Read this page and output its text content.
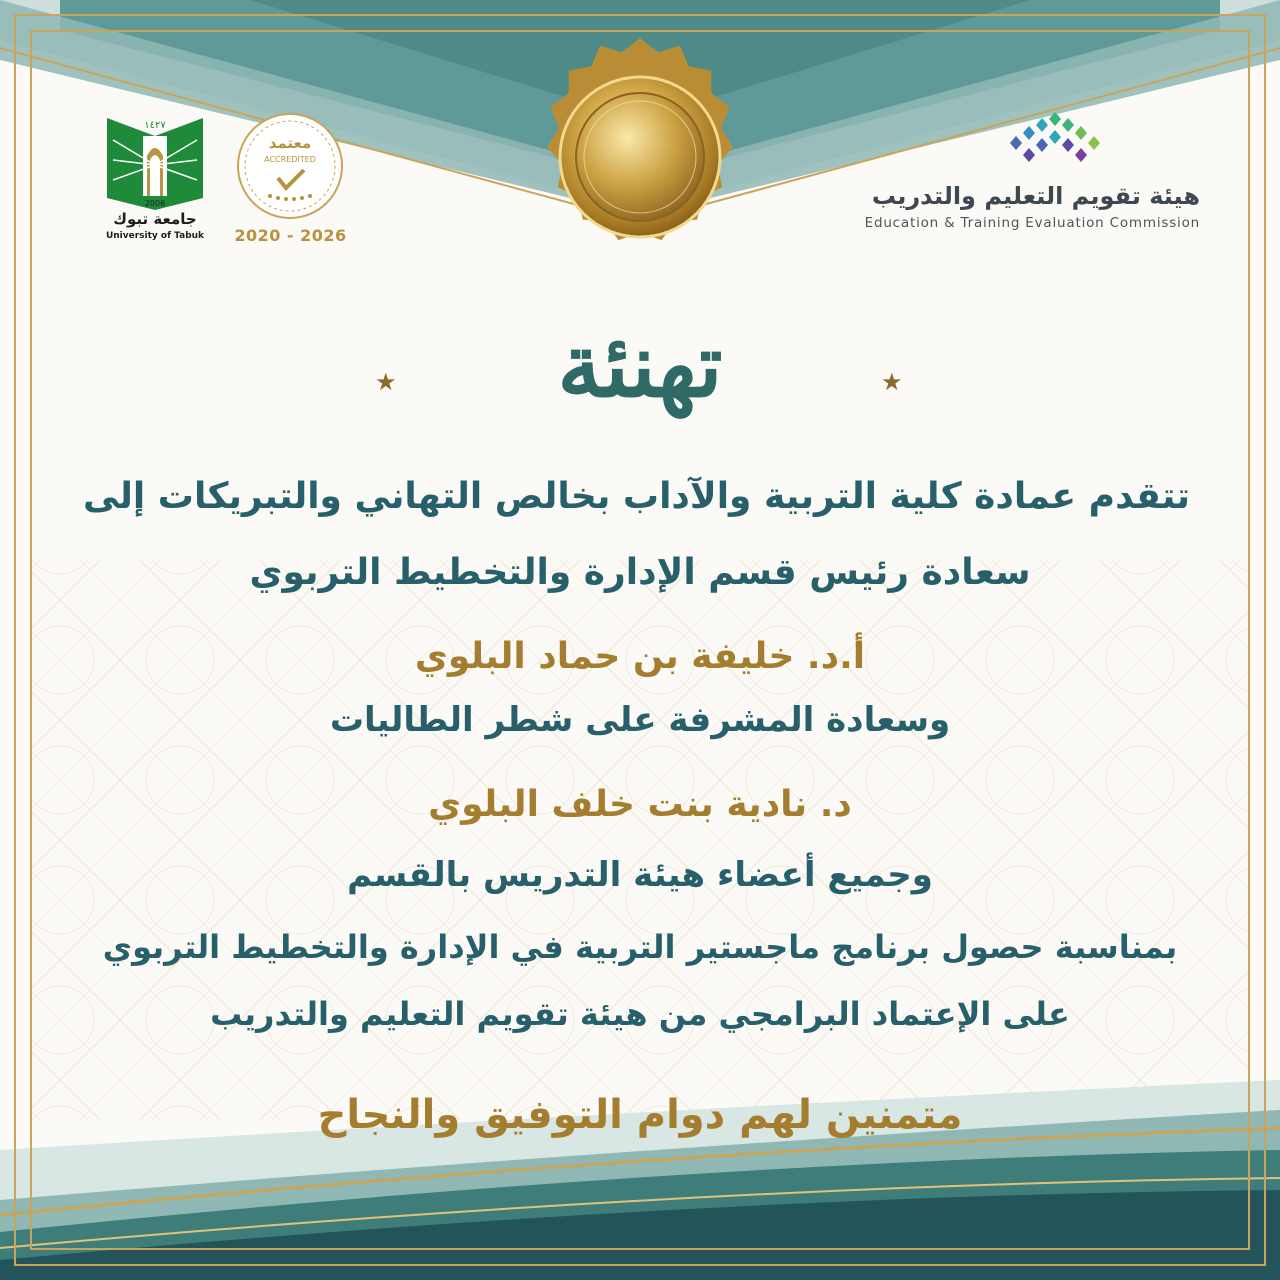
١٤٢٧
2006
جامعة تبوك
University of Tabuk
معتمد
ACCREDITED
2020 - 2026
هيئة تقويم التعليم والتدريب
Education & Training Evaluation Commission
★	★
تهنئة
تتقدم عمادة كلية التربية والآداب بخالص التهاني والتبريكات إلى
سعادة رئيس قسم الإدارة والتخطيط التربوي
أ.د. خليفة بن حماد البلوي
وسعادة المشرفة على شطر الطاليات
د. نادية بنت خلف البلوي
وجميع أعضاء هيئة التدريس بالقسم
بمناسبة حصول برنامج ماجستير التربية في الإدارة والتخطيط التربوي
على الإعتماد البرامجي من هيئة تقويم التعليم والتدريب
متمنين لهم دوام التوفيق والنجاح
